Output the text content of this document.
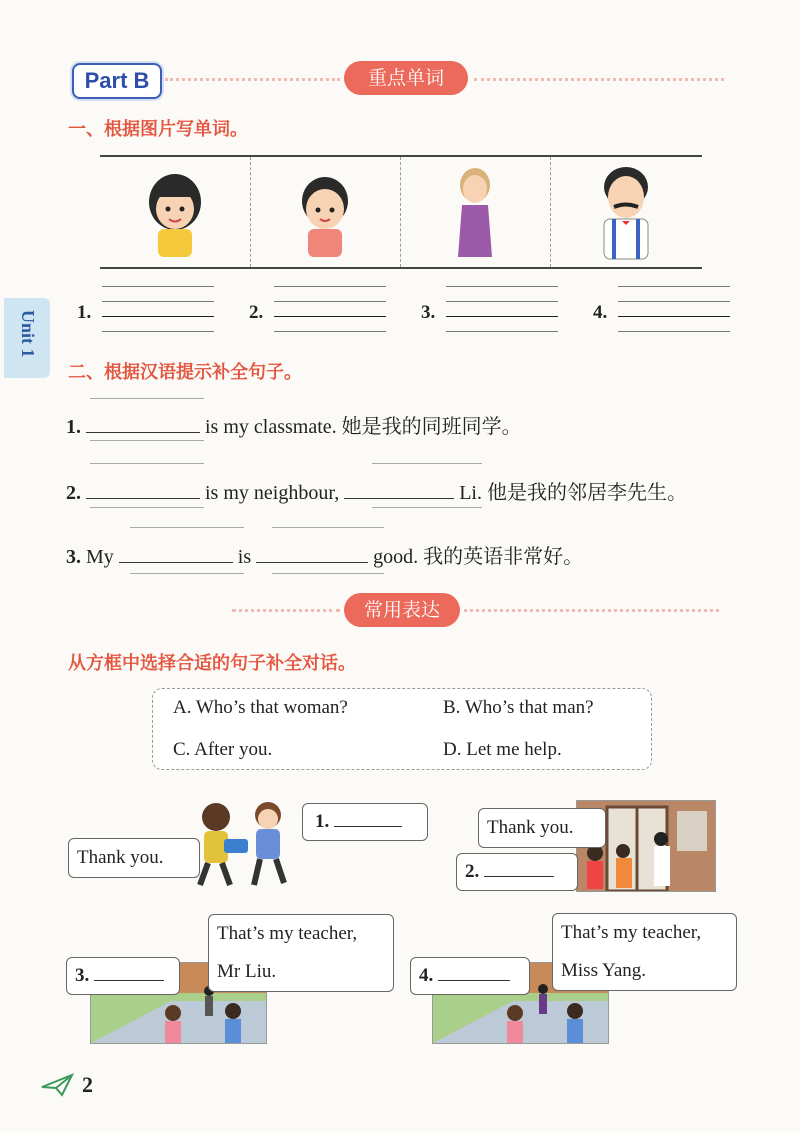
Part B	重点单词
Unit 1
一、根据图片写单词。
1.	2.	3.	4.
二、根据汉语提示补全句子。
1.	is my classmate. 她是我的同班同学。
2.	is my neighbour,	Li. 他是我的邻居李先生。
3. My	is	good. 我的英语非常好。
常用表达
从方框中选择合适的句子补全对话。
A. Who’s that woman?	B. Who’s that man?
C. After you.	D. Let me help.
Thank you.
1.	Thank you.
2.
That’s my teacher,
Mr Liu.
3.
That’s my teacher,
Miss Yang.
4.
2
